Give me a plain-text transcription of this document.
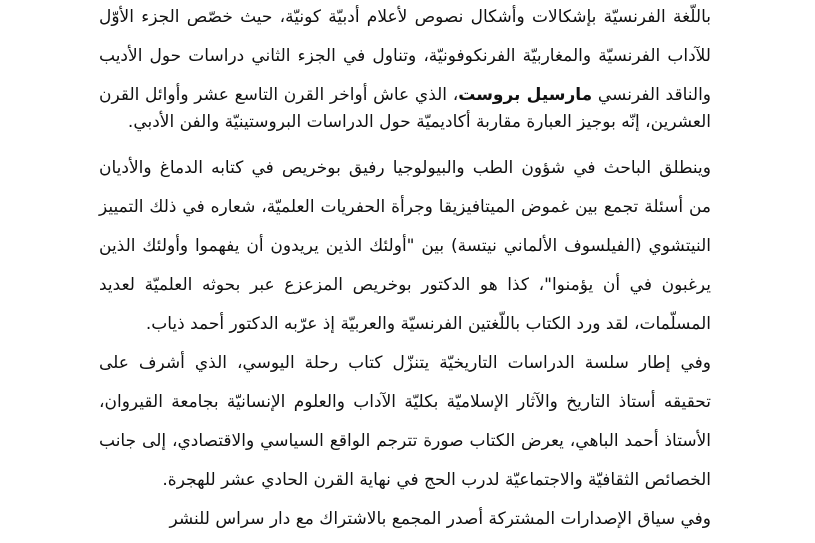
باللّغة الفرنسيّة بإشكالات وأشكال نصوص لأعلام أدبيّة كونيّة، حيث خصّص الجزء الأوّل
للآداب الفرنسيّة والمغاربيّة الفرنكوفونيّة، وتناول في الجزء الثاني دراسات حول الأديب
والناقد الفرنسي مارسيل بروست، الذي عاش أواخر القرن التاسع عشر وأوائل القرن
العشرين، إنّه بوجيز العبارة مقاربة أكاديميّة حول الدراسات البروستينيّة والفن الأدبي.
وينطلق الباحث في شؤون الطب والبيولوجيا رفيق بوخريص في كتابه الدماغ والأديان
من أسئلة تجمع بين غموض الميتافيزيقا وجرأة الحفريات العلميّة، شعاره في ذلك التمييز
النيتشوي (الفيلسوف الألماني نيتسة) بين "أولئك الذين يريدون أن يفهموا وأولئك الذين
يرغبون في أن يؤمنوا"، كذا هو الدكتور بوخريص المزعزع عبر بحوثه العلميّة لعديد
المسلّمات، لقد ورد الكتاب باللّغتين الفرنسيّة والعربيّة إذ عرّبه الدكتور أحمد ذياب.
وفي إطار سلسة الدراسات التاريخيّة يتنزّل كتاب رحلة اليوسي، الذي أشرف على
تحقيقه أستاذ التاريخ والآثار الإسلاميّة بكليّة الآداب والعلوم الإنسانيّة بجامعة القيروان،
الأستاذ أحمد الباهي، يعرض الكتاب صورة تترجم الواقع السياسي والاقتصادي، إلى جانب
الخصائص الثقافيّة والاجتماعيّة لدرب الحج في نهاية القرن الحادي عشر للهجرة.
وفي سياق الإصدارات المشتركة أصدر المجمع بالاشتراك مع دار سراس للنشر
